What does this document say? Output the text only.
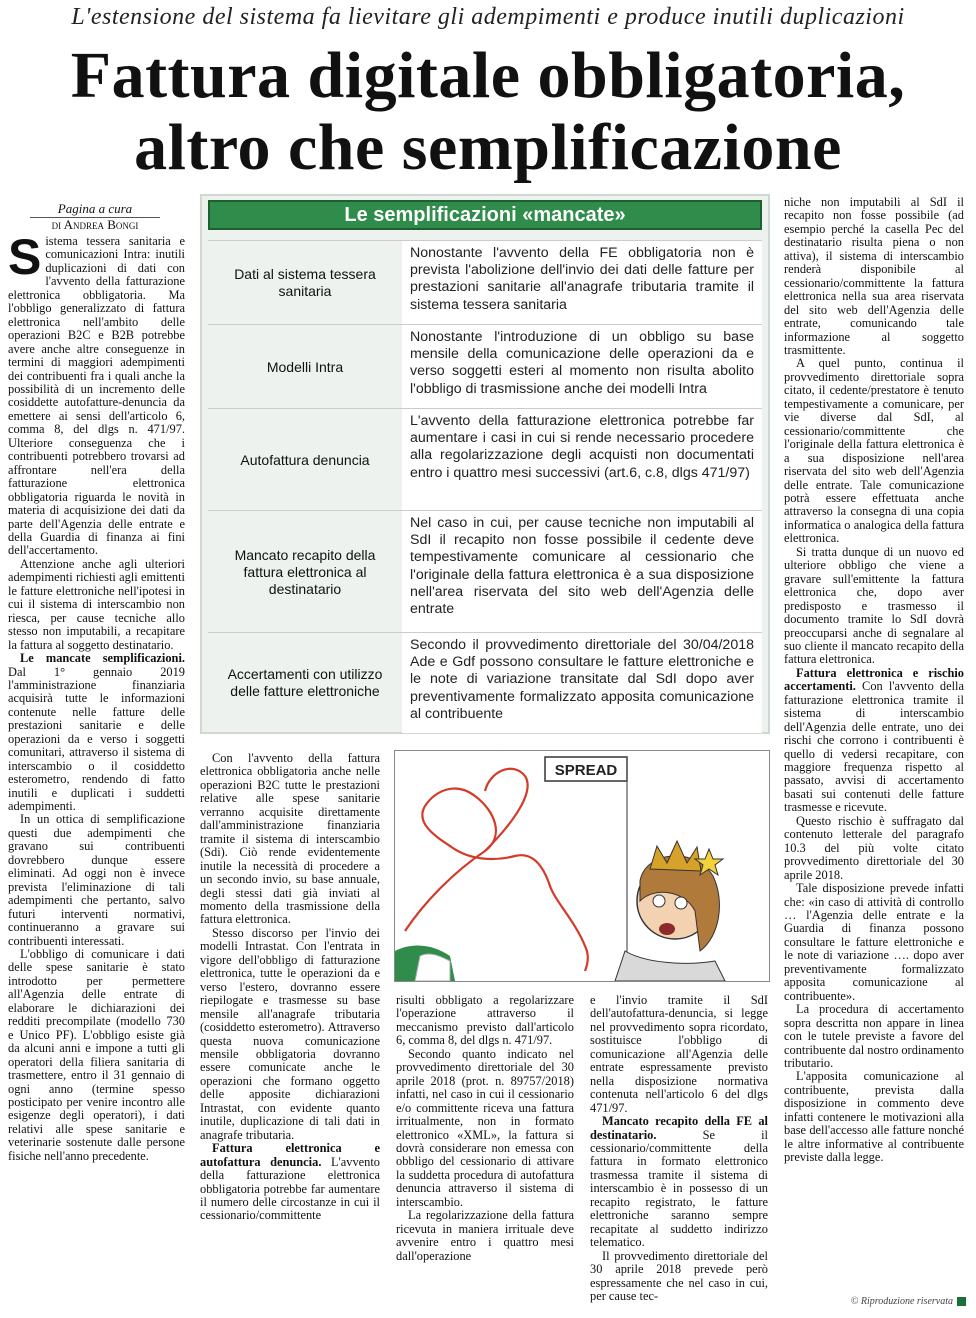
L'estensione del sistema fa lievitare gli adempimenti e produce inutili duplicazioni
Fattura digitale obbligatoria,
altro che semplificazione
Pagina a cura
di Andrea Bongi
S istema tessera sanitaria e comunicazioni Intra: inutili duplicazioni di dati con l'avvento della fatturazione elettronica obbligatoria. Ma l'obbligo generalizzato di fattura elettronica nell'ambito delle operazioni B2C e B2B potrebbe avere anche altre conseguenze in termini di maggiori adempimenti dei contribuenti fra i quali anche la possibilità di un incremento delle cosiddette autofatture-denuncia da emettere ai sensi dell'articolo 6, comma 8, del dlgs n. 471/97. Ulteriore conseguenza che i contribuenti potrebbero trovarsi ad affrontare nell'era della fatturazione elettronica obbligatoria riguarda le novità in materia di acquisizione dei dati da parte dell'Agenzia delle entrate e della Guardia di finanza ai fini dell'accertamento.

Attenzione anche agli ulteriori adempimenti richiesti agli emittenti le fatture elettroniche nell'ipotesi in cui il sistema di interscambio non riesca, per cause tecniche allo stesso non imputabili, a recapitare la fattura al soggetto destinatario.

Le mancate semplificazioni. Dal 1° gennaio 2019 l'amministrazione finanziaria acquisirà tutte le informazioni contenute nelle fatture delle prestazioni sanitarie e delle operazioni da e verso i soggetti comunitari, attraverso il sistema di interscambio o il cosiddetto esterometro, rendendo di fatto inutili e duplicati i suddetti adempimenti.

In un ottica di semplificazione questi due adempimenti che gravano sui contribuenti dovrebbero dunque essere eliminati. Ad oggi non è invece prevista l'eliminazione di tali adempimenti che pertanto, salvo futuri interventi normativi, continueranno a gravare sui contribuenti interessati.

L'obbligo di comunicare i dati delle spese sanitarie è stato introdotto per permettere all'Agenzia delle entrate di elaborare le dichiarazioni dei redditi precompilate (modello 730 e Unico PF). L'obbligo esiste già da alcuni anni e impone a tutti gli operatori della filiera sanitaria di trasmettere, entro il 31 gennaio di ogni anno (termine spesso posticipato per venire incontro alle esigenze degli operatori), i dati relativi alle spese sanitarie e veterinarie sostenute dalle persone fisiche nell'anno precedente.

Le semplificazioni «mancate»
Dati al sistema tessera sanitaria
Nonostante l'avvento della FE obbligatoria non è prevista l'abolizione dell'invio dei dati delle fatture per prestazioni sanitarie all'anagrafe tributaria tramite il sistema tessera sanitaria
Modelli Intra
Nonostante l'introduzione di un obbligo su base mensile della comunicazione delle operazioni da e verso soggetti esteri al momento non risulta abolito l'obbligo di trasmissione anche dei modelli Intra
Autofattura denuncia
L'avvento della fatturazione elettronica potrebbe far aumentare i casi in cui si rende necessario procedere alla regolarizzazione degli acquisti non documentati entro i quattro mesi successivi (art.6, c.8, dlgs 471/97)
Mancato recapito della fattura elettronica al destinatario
Nel caso in cui, per cause tecniche non imputabili al SdI il recapito non fosse possibile il cedente deve tempestivamente comunicare al cessionario che l'originale della fattura elettronica è a sua disposizione nell'area riservata del sito web dell'Agenzia delle entrate
Accertamenti con utilizzo delle fatture elettroniche
Secondo il provvedimento direttoriale del 30/04/2018 Ade e Gdf possono consultare le fatture elettroniche e le note di variazione transitate dal SdI dopo aver preventivamente formalizzato apposita comunicazione al contribuente

Con l'avvento della fattura elettronica obbligatoria anche nelle operazioni B2C tutte le prestazioni relative alle spese sanitarie verranno acquisite direttamente dall'amministrazione finanziaria tramite il sistema di interscambio (Sdi). Ciò rende evidentemente inutile la necessità di procedere a un secondo invio, su base annuale, degli stessi dati già inviati al momento della trasmissione della fattura elettronica.

Stesso discorso per l'invio dei modelli Intrastat. Con l'entrata in vigore dell'obbligo di fatturazione elettronica, tutte le operazioni da e verso l'estero, dovranno essere riepilogate e trasmesse su base mensile all'anagrafe tributaria (cosiddetto esterometro). Attraverso questa nuova comunicazione mensile obbligatoria dovranno essere comunicate anche le operazioni che formano oggetto delle apposite dichiarazioni Intrastat, con evidente quanto inutile, duplicazione di tali dati in anagrafe tributaria.

Fattura elettronica e autofattura denuncia. L'avvento della fatturazione elettronica obbligatoria potrebbe far aumentare il numero delle circostanze in cui il cessionario/committente

SPREAD

risulti obbligato a regolarizzare l'operazione attraverso il meccanismo previsto dall'articolo 6, comma 8, del dlgs n. 471/97.

Secondo quanto indicato nel provvedimento direttoriale del 30 aprile 2018 (prot. n. 89757/2018) infatti, nel caso in cui il cessionario e/o committente riceva una fattura irritualmente, non in formato elettronico «XML», la fattura si dovrà considerare non emessa con obbligo del cessionario di attivare la suddetta procedura di autofattura denuncia attraverso il sistema di interscambio.

La regolarizzazione della fattura ricevuta in maniera irrituale deve avvenire entro i quattro mesi dall'operazione

e l'invio tramite il SdI dell'autofattura-denuncia, si legge nel provvedimento sopra ricordato, sostituisce l'obbligo di comunicazione all'Agenzia delle entrate espressamente previsto nella disposizione normativa contenuta nell'articolo 6 del dlgs 471/97.

Mancato recapito della FE al destinatario. Se il cessionario/committente della fattura in formato elettronico trasmessa tramite il sistema di interscambio è in possesso di un recapito registrato, le fatture elettroniche saranno sempre recapitate al suddetto indirizzo telematico.

Il provvedimento direttoriale del 30 aprile 2018 prevede però espressamente che nel caso in cui, per cause tec-

niche non imputabili al SdI il recapito non fosse possibile (ad esempio perché la casella Pec del destinatario risulta piena o non attiva), il sistema di interscambio renderà disponibile al cessionario/committente la fattura elettronica nella sua area riservata del sito web dell'Agenzia delle entrate, comunicando tale informazione al soggetto trasmittente.

A quel punto, continua il provvedimento direttoriale sopra citato, il cedente/prestatore è tenuto tempestivamente a comunicare, per vie diverse dal SdI, al cessionario/committente che l'originale della fattura elettronica è a sua disposizione nell'area riservata del sito web dell'Agenzia delle entrate. Tale comunicazione potrà essere effettuata anche attraverso la consegna di una copia informatica o analogica della fattura elettronica.

Si tratta dunque di un nuovo ed ulteriore obbligo che viene a gravare sull'emittente la fattura elettronica che, dopo aver predisposto e trasmesso il documento tramite lo SdI dovrà preoccuparsi anche di segnalare al suo cliente il mancato recapito della fattura elettronica.

Fattura elettronica e rischio accertamenti. Con l'avvento della fatturazione elettronica tramite il sistema di interscambio dell'Agenzia delle entrate, uno dei rischi che corrono i contribuenti è quello di vedersi recapitare, con maggiore frequenza rispetto al passato, avvisi di accertamento basati sui contenuti delle fatture trasmesse e ricevute.

Questo rischio è suffragato dal contenuto letterale del paragrafo 10.3 del più volte citato provvedimento direttoriale del 30 aprile 2018.

Tale disposizione prevede infatti che: «in caso di attività di controllo … l'Agenzia delle entrate e la Guardia di finanza possono consultare le fatture elettroniche e le note di variazione …. dopo aver preventivamente formalizzato apposita comunicazione al contribuente».

La procedura di accertamento sopra descritta non appare in linea con le tutele previste a favore del contribuente dal nostro ordinamento tributario.

L'apposita comunicazione al contribuente, prevista dalla disposizione in commento deve infatti contenere le motivazioni alla base dell'accesso alle fatture nonché le altre informative al contribuente previste dalla legge.

© Riproduzione riservata
